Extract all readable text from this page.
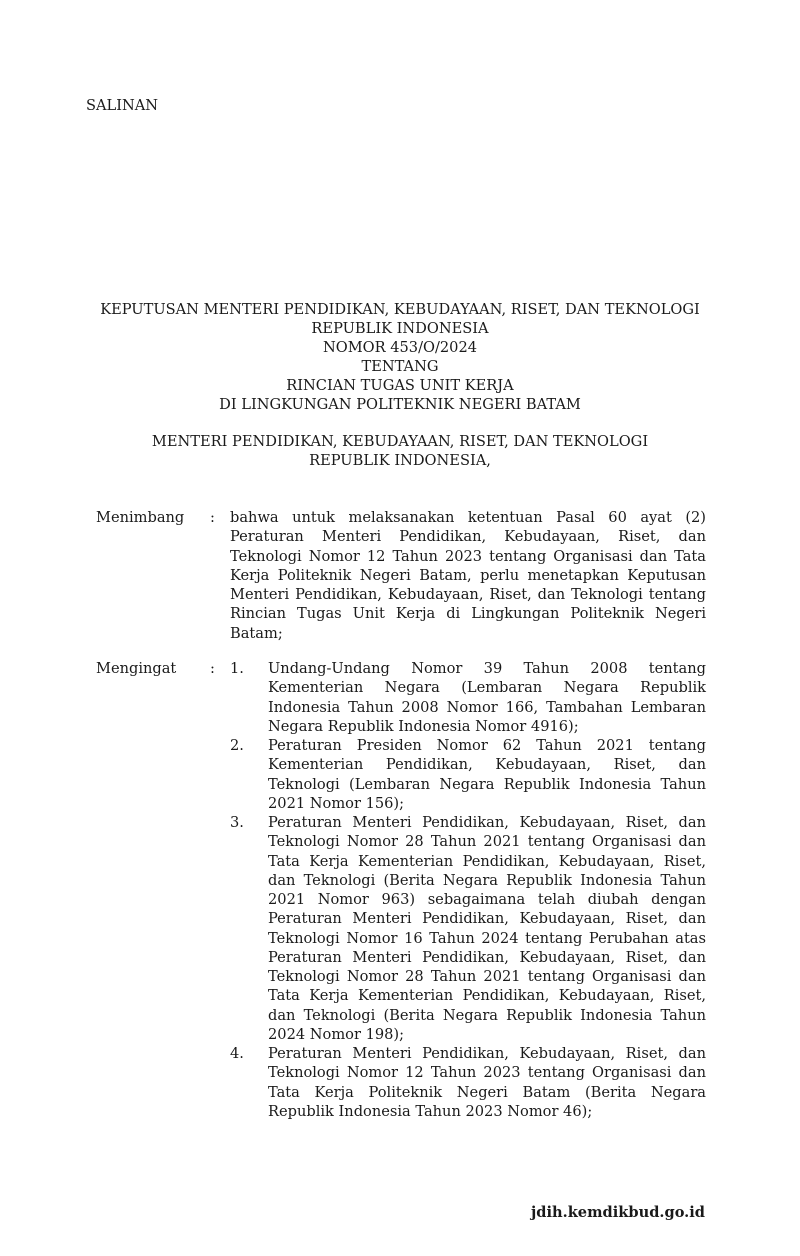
SALINAN
KEPUTUSAN MENTERI PENDIDIKAN, KEBUDAYAAN, RISET, DAN TEKNOLOGI
REPUBLIK INDONESIA
NOMOR 453/O/2024
TENTANG
RINCIAN TUGAS UNIT KERJA
DI LINGKUNGAN POLITEKNIK NEGERI BATAM
MENTERI PENDIDIKAN, KEBUDAYAAN, RISET, DAN TEKNOLOGI
REPUBLIK INDONESIA,
Menimbang : bahwa untuk melaksanakan ketentuan Pasal 60 ayat (2) Peraturan Menteri Pendidikan, Kebudayaan, Riset, dan Teknologi Nomor 12 Tahun 2023 tentang Organisasi dan Tata Kerja Politeknik Negeri Batam, perlu menetapkan Keputusan Menteri Pendidikan, Kebudayaan, Riset, dan Teknologi tentang Rincian Tugas Unit Kerja di Lingkungan Politeknik Negeri Batam;
Mengingat : 1. Undang-Undang Nomor 39 Tahun 2008 tentang Kementerian Negara (Lembaran Negara Republik Indonesia Tahun 2008 Nomor 166, Tambahan Lembaran Negara Republik Indonesia Nomor 4916);
2. Peraturan Presiden Nomor 62 Tahun 2021 tentang Kementerian Pendidikan, Kebudayaan, Riset, dan Teknologi (Lembaran Negara Republik Indonesia Tahun 2021 Nomor 156);
3. Peraturan Menteri Pendidikan, Kebudayaan, Riset, dan Teknologi Nomor 28 Tahun 2021 tentang Organisasi dan Tata Kerja Kementerian Pendidikan, Kebudayaan, Riset, dan Teknologi (Berita Negara Republik Indonesia Tahun 2021 Nomor 963) sebagaimana telah diubah dengan Peraturan Menteri Pendidikan, Kebudayaan, Riset, dan Teknologi Nomor 16 Tahun 2024 tentang Perubahan atas Peraturan Menteri Pendidikan, Kebudayaan, Riset, dan Teknologi Nomor 28 Tahun 2021 tentang Organisasi dan Tata Kerja Kementerian Pendidikan, Kebudayaan, Riset, dan Teknologi (Berita Negara Republik Indonesia Tahun 2024 Nomor 198);
4. Peraturan Menteri Pendidikan, Kebudayaan, Riset, dan Teknologi Nomor 12 Tahun 2023 tentang Organisasi dan Tata Kerja Politeknik Negeri Batam (Berita Negara Republik Indonesia Tahun 2023 Nomor 46);
jdih.kemdikbud.go.id
